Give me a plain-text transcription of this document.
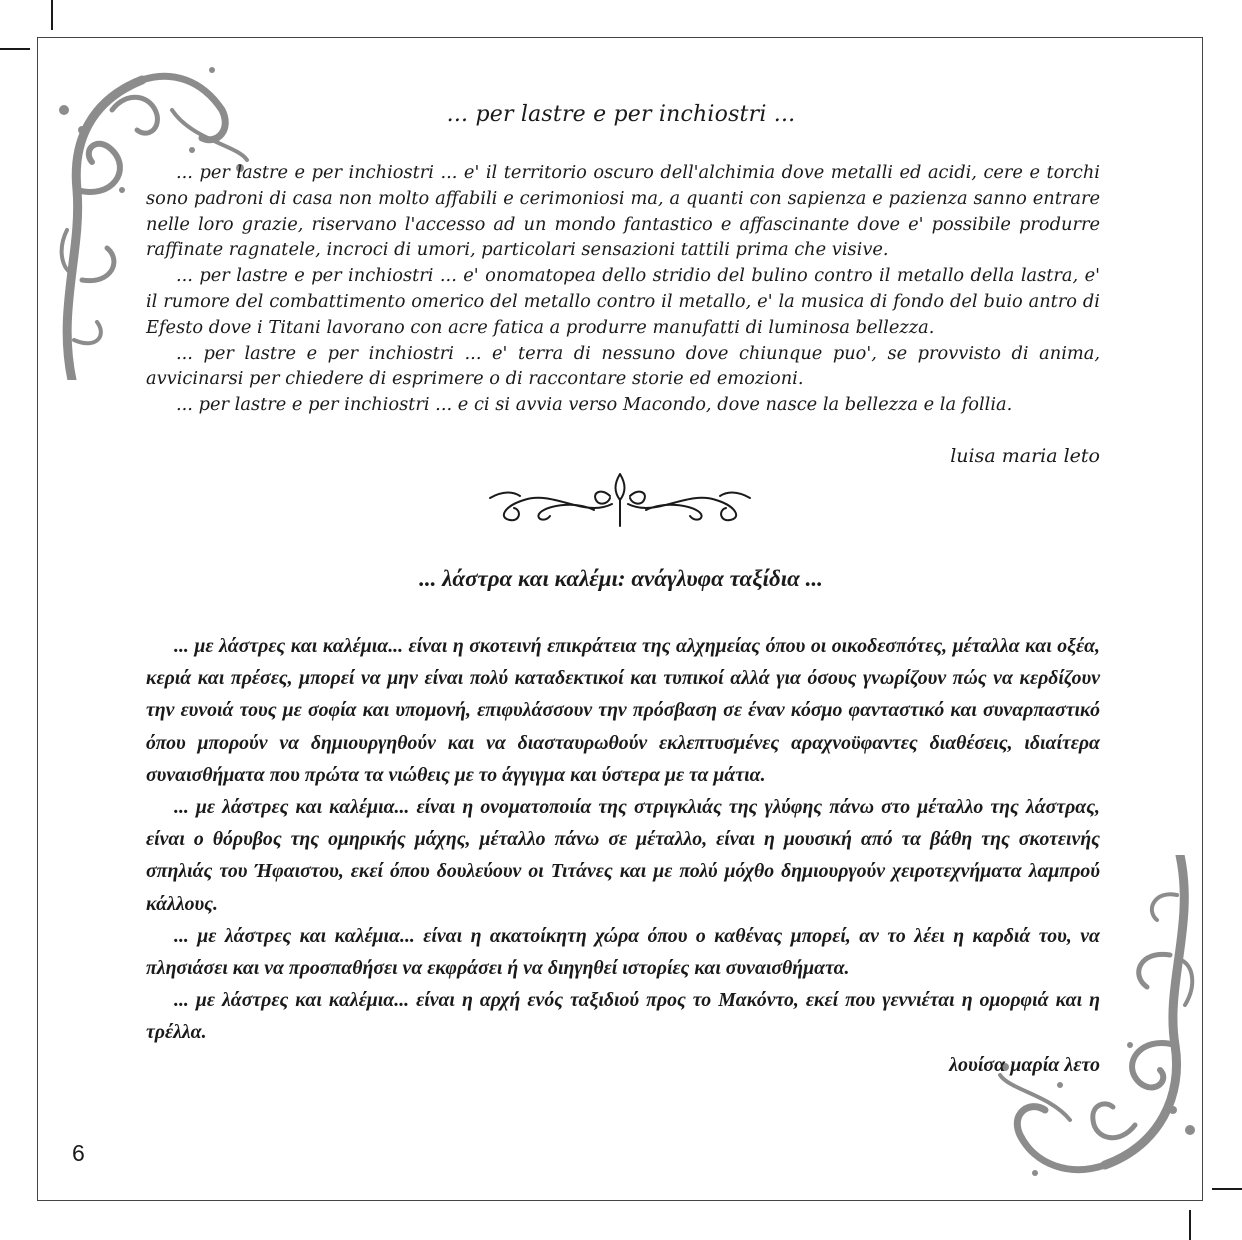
... per lastre e per inchiostri ...

... per lastre e per inchiostri ... e' il territorio oscuro dell'alchimia dove metalli ed acidi, cere e torchi sono padroni di casa non molto affabili e cerimoniosi ma, a quanti con sapienza e pazienza sanno entrare nelle loro grazie, riservano l'accesso ad un mondo fantastico e affascinante dove e' possibile produrre raffinate ragnatele, incroci di umori, particolari sensazioni tattili prima che visive.

... per lastre e per inchiostri ... e' onomatopea dello stridio del bulino contro il metallo della lastra, e' il rumore del combattimento omerico del metallo contro il metallo, e' la musica di fondo del buio antro di Efesto dove i Titani lavorano con acre fatica a produrre manufatti di luminosa bellezza.

... per lastre e per inchiostri ... e' terra di nessuno dove chiunque puo', se provvisto di anima, avvicinarsi per chiedere di esprimere o di raccontare storie ed emozioni.

... per lastre e per inchiostri ... e ci si avvia verso Macondo, dove nasce la bellezza e la follia.

luisa maria leto
... λάστρα και καλέμι: ανάγλυφα ταξίδια ...

... με λάστρες και καλέμια... είναι η σκοτεινή επικράτεια της αλχημείας όπου οι οικοδεσπότες, μέταλλα και οξέα, κεριά και πρέσες, μπορεί να μην είναι πολύ καταδεκτικοί και τυπικοί αλλά για όσους γνωρίζουν πώς να κερδίζουν την ευνοιά τους με σοφία και υπομονή, επιφυλάσσουν την πρόσβαση σε έναν κόσμο φανταστικό και συναρπαστικό όπου μπορούν να δημιουργηθούν και να διασταυρωθούν εκλεπτυσμένες αραχνοϋφαντες διαθέσεις, ιδιαίτερα συναισθήματα που πρώτα τα νιώθεις με το άγγιγμα και ύστερα με τα μάτια.

... με λάστρες και καλέμια... είναι η ονοματοποιία της στριγκλιάς της γλύφης πάνω στο μέταλλο της λάστρας, είναι ο θόρυβος της ομηρικής μάχης, μέταλλο πάνω σε μέταλλο, είναι η μουσική από τα βάθη της σκοτεινής σπηλιάς του Ήφαιστου, εκεί όπου δουλεύουν οι Τιτάνες και με πολύ μόχθο δημιουργούν χειροτεχνήματα λαμπρού κάλλους.

... με λάστρες και καλέμια... είναι η ακατοίκητη χώρα όπου ο καθένας μπορεί, αν το λέει η καρδιά του, να πλησιάσει και να προσπαθήσει να εκφράσει ή να διηγηθεί ιστορίες και συναισθήματα.

... με λάστρες και καλέμια... είναι η αρχή ενός ταξιδιού προς το Μακόντο, εκεί που γεννιέται η ομορφιά και η τρέλλα.

λουίσα μαρία λετο
6
